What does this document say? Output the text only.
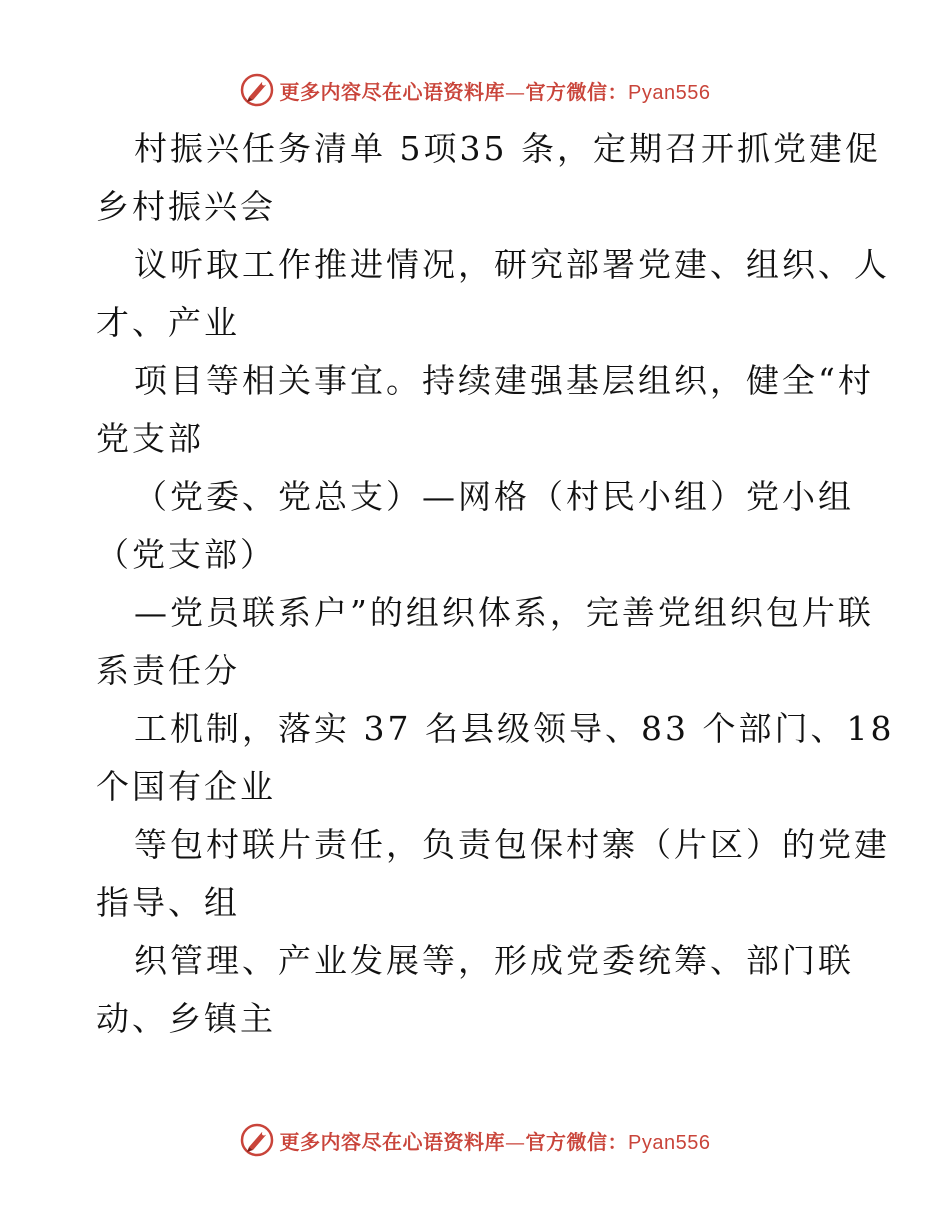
更多内容尽在心语资料库—官方微信：Pyan556

村振兴任务清单 5项35 条，定期召开抓党建促

乡村振兴会

议听取工作推进情况，研究部署党建、组织、人

才、产业

项目等相关事宜。持续建强基层组织，健全“村

党支部

（党委、党总支）—网格（村民小组）党小组

（党支部）

—党员联系户”的组织体系，完善党组织包片联

系责任分

工机制，落实 37 名县级领导、83 个部门、18

个国有企业

等包村联片责任，负责包保村寨（片区）的党建

指导、组

织管理、产业发展等，形成党委统筹、部门联

动、乡镇主

更多内容尽在心语资料库—官方微信：Pyan556
